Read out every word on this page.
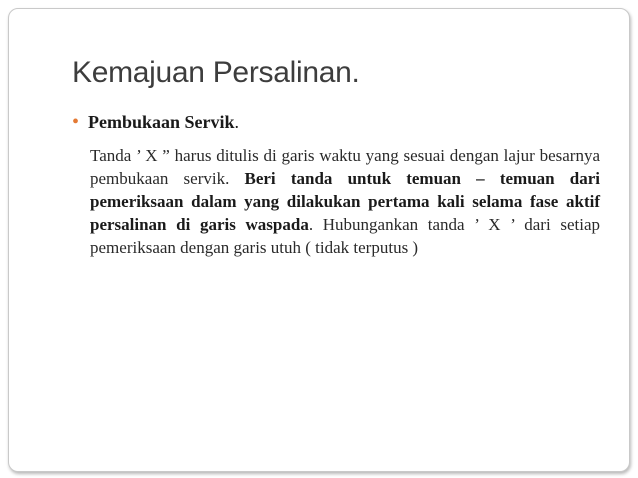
Kemajuan Persalinan.
• Pembukaan Servik.

Tanda ’ X ” harus ditulis di garis waktu yang sesuai dengan lajur besarnya pembukaan servik. Beri tanda untuk temuan – temuan dari pemeriksaan dalam yang dilakukan pertama kali selama fase aktif persalinan di garis waspada. Hubungankan tanda ’ X ’ dari setiap pemeriksaan dengan garis utuh ( tidak terputus )
